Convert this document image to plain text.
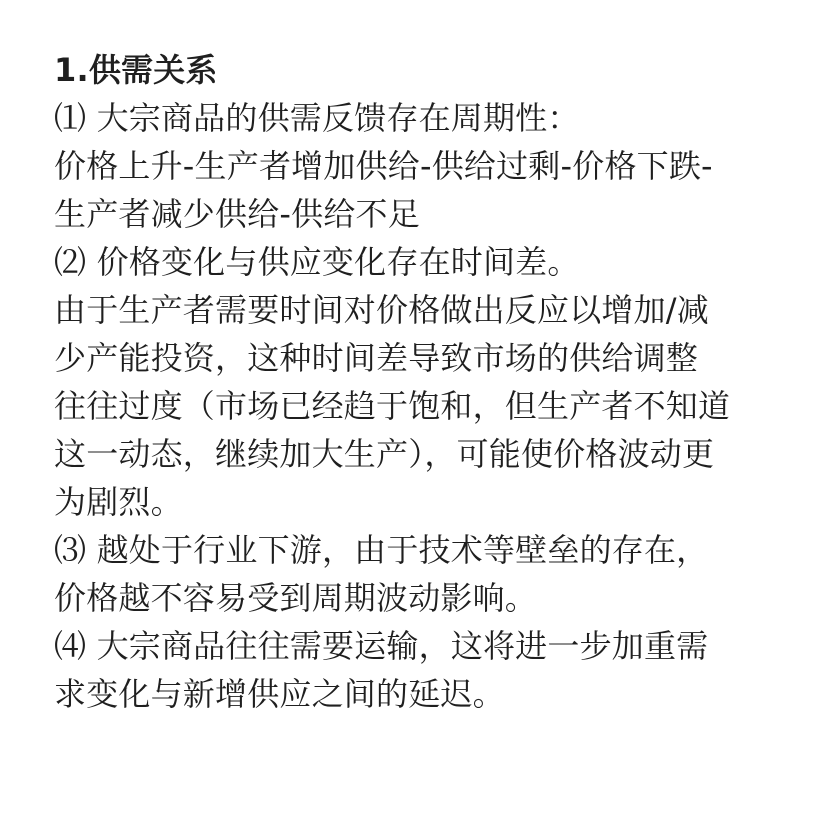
1.供需关系
⑴ 大宗商品的供需反馈存在周期性：
价格上升-生产者增加供给-供给过剩-价格下跌-
生产者减少供给-供给不足
⑵ 价格变化与供应变化存在时间差。
由于生产者需要时间对价格做出反应以增加/减
少产能投资，这种时间差导致市场的供给调整
往往过度（市场已经趋于饱和，但生产者不知道
这一动态，继续加大生产），可能使价格波动更
为剧烈。
⑶ 越处于行业下游，由于技术等壁垒的存在，
价格越不容易受到周期波动影响。
⑷ 大宗商品往往需要运输，这将进一步加重需
求变化与新增供应之间的延迟。
